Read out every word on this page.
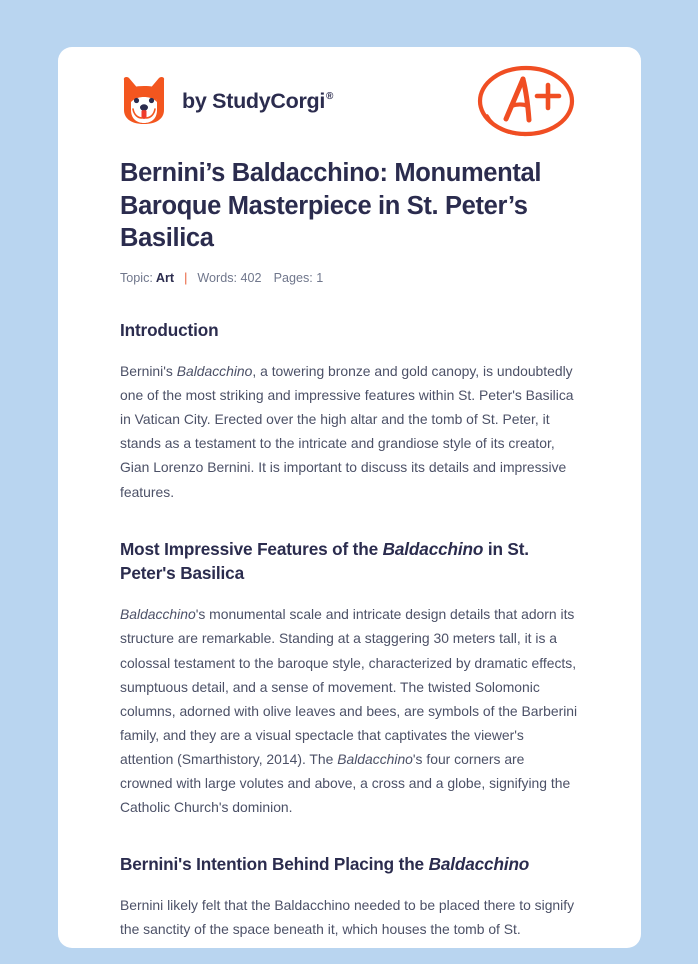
by StudyCorgi®
Bernini’s Baldacchino: Monumental Baroque Masterpiece in St. Peter’s Basilica
Topic: Art | Words: 402 Pages: 1
Introduction

Bernini's Baldacchino, a towering bronze and gold canopy, is undoubtedly one of the most striking and impressive features within St. Peter's Basilica in Vatican City. Erected over the high altar and the tomb of St. Peter, it stands as a testament to the intricate and grandiose style of its creator, Gian Lorenzo Bernini. It is important to discuss its details and impressive features.

Most Impressive Features of the Baldacchino in St. Peter's Basilica

Baldacchino's monumental scale and intricate design details that adorn its structure are remarkable. Standing at a staggering 30 meters tall, it is a colossal testament to the baroque style, characterized by dramatic effects, sumptuous detail, and a sense of movement. The twisted Solomonic columns, adorned with olive leaves and bees, are symbols of the Barberini family, and they are a visual spectacle that captivates the viewer's attention (Smarthistory, 2014). The Baldacchino's four corners are crowned with large volutes and above, a cross and a globe, signifying the Catholic Church's dominion.

Bernini's Intention Behind Placing the Baldacchino

Bernini likely felt that the Baldacchino needed to be placed there to signify the sanctity of the space beneath it, which houses the tomb of St.
